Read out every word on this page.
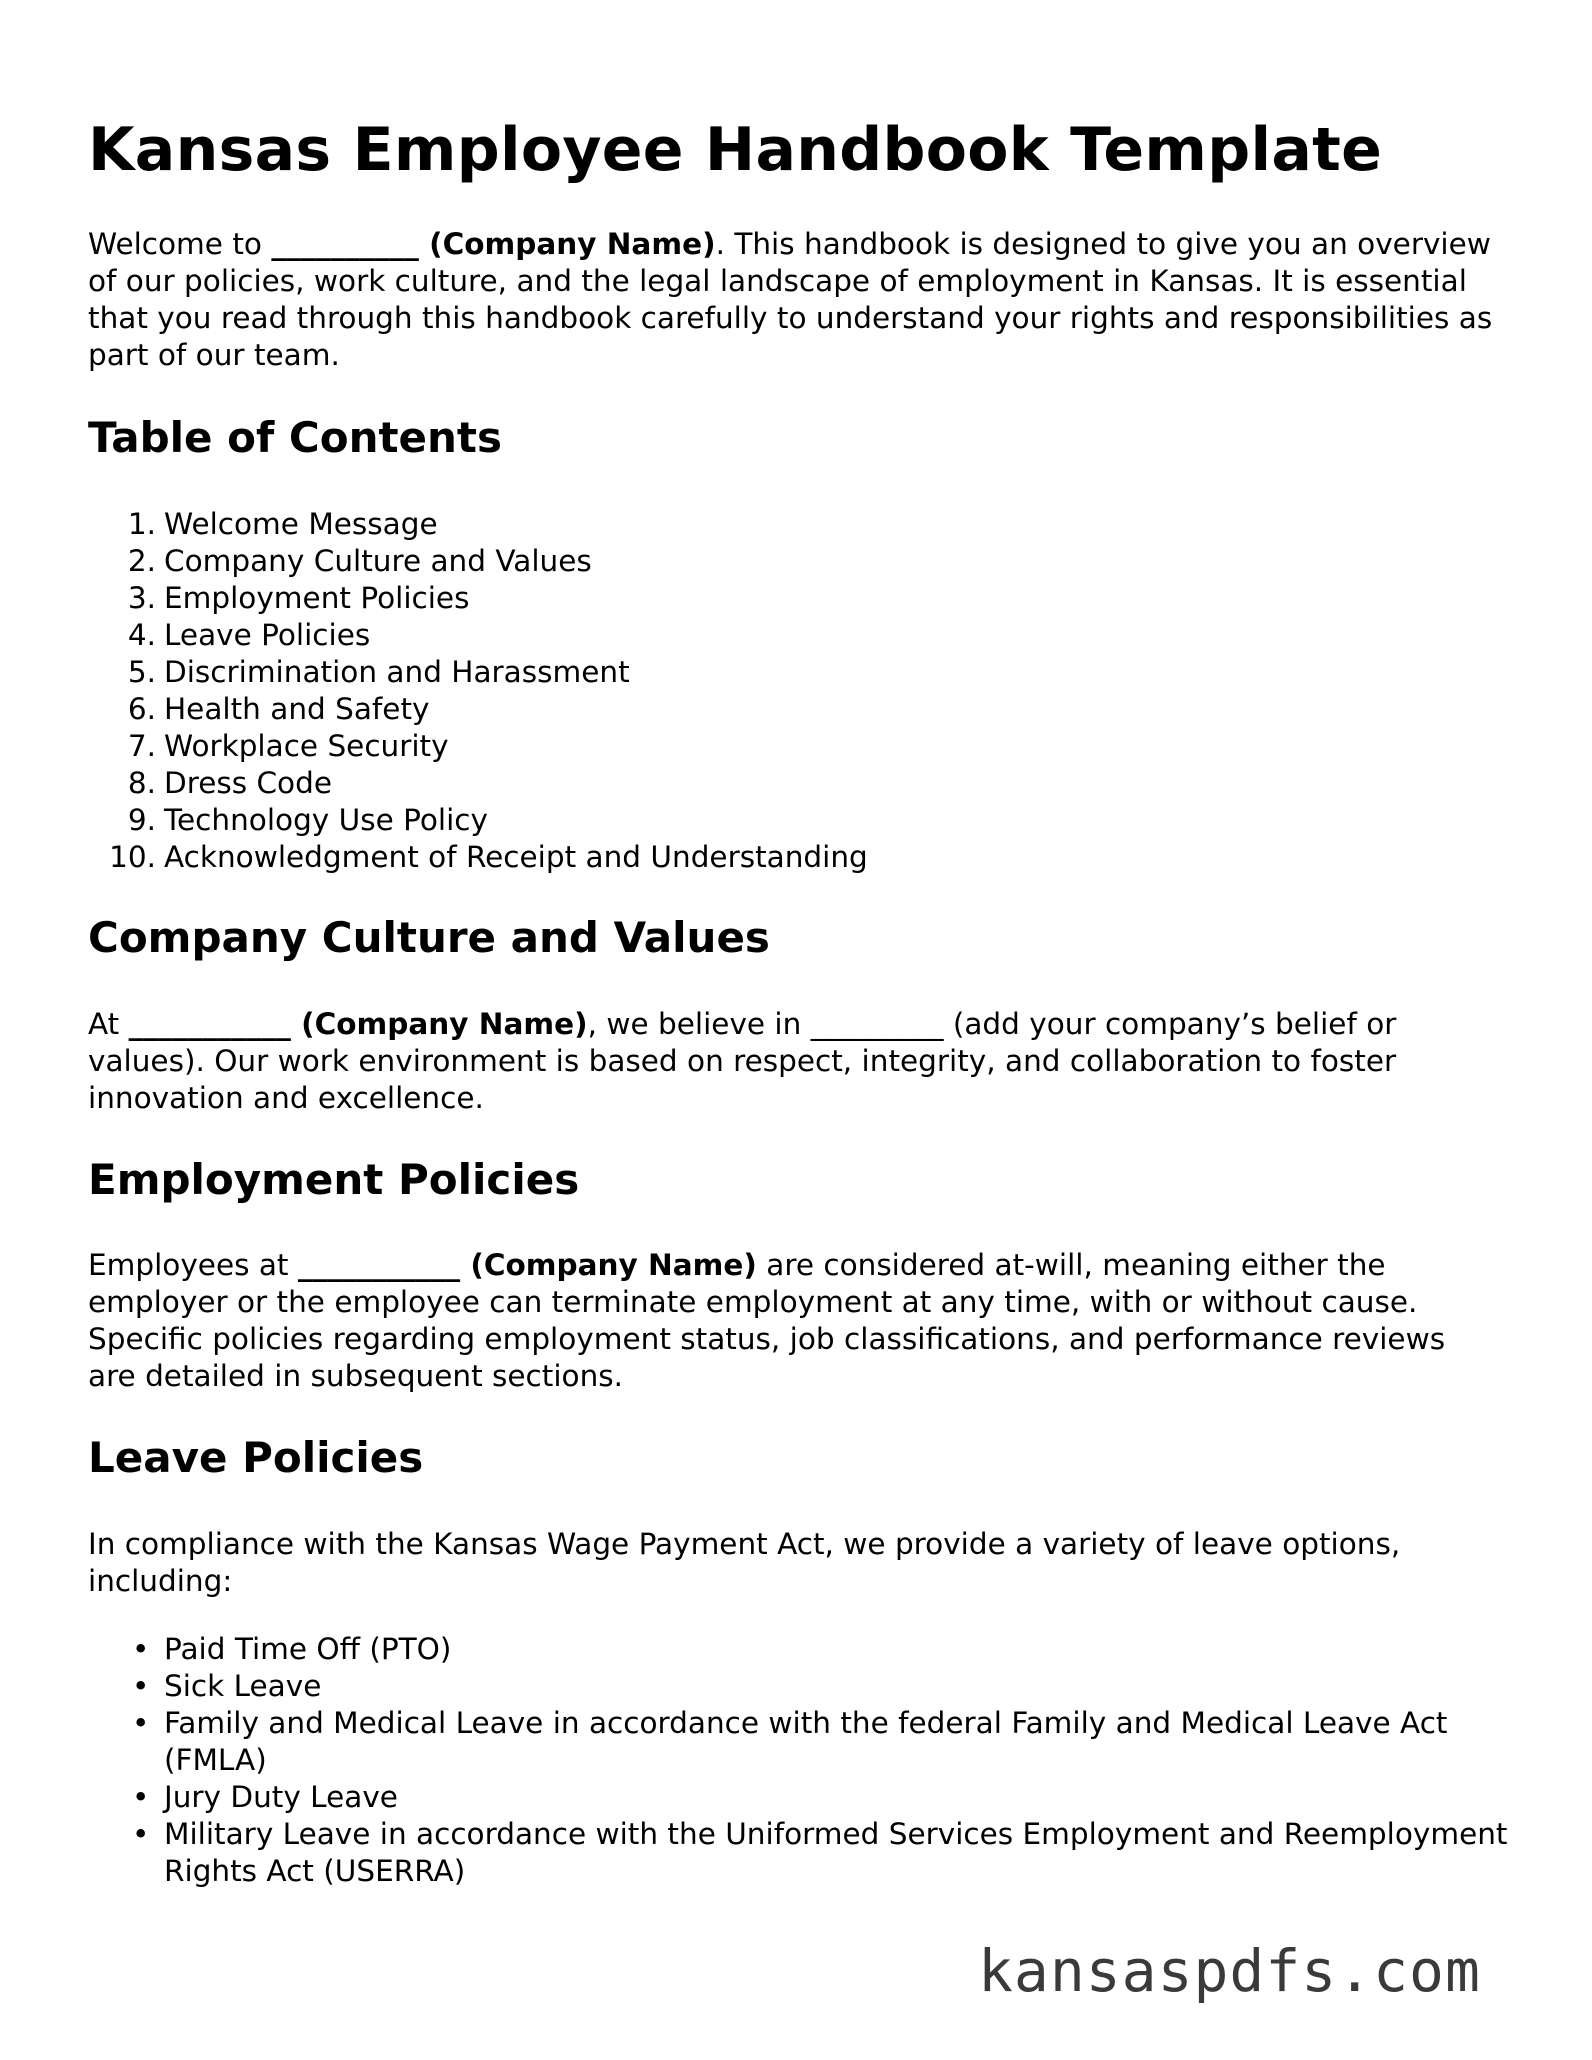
Kansas Employee Handbook Template

Welcome to __________ (Company Name). This handbook is designed to give you an overview of our policies, work culture, and the legal landscape of employment in Kansas. It is essential that you read through this handbook carefully to understand your rights and responsibilities as part of our team.

Table of Contents
1. Welcome Message
2. Company Culture and Values
3. Employment Policies
4. Leave Policies
5. Discrimination and Harassment
6. Health and Safety
7. Workplace Security
8. Dress Code
9. Technology Use Policy
10. Acknowledgment of Receipt and Understanding
Company Culture and Values

At ___________ (Company Name), we believe in _________ (add your company’s belief or values). Our work environment is based on respect, integrity, and collaboration to foster innovation and excellence.

Employment Policies

Employees at ___________ (Company Name) are considered at-will, meaning either the employer or the employee can terminate employment at any time, with or without cause. Specific policies regarding employment status, job classifications, and performance reviews are detailed in subsequent sections.

Leave Policies

In compliance with the Kansas Wage Payment Act, we provide a variety of leave options, including:

• Paid Time Off (PTO)
• Sick Leave
• Family and Medical Leave in accordance with the federal Family and Medical Leave Act (FMLA)
• Jury Duty Leave
• Military Leave in accordance with the Uniformed Services Employment and Reemployment Rights Act (USERRA)
kansaspdfs.com
